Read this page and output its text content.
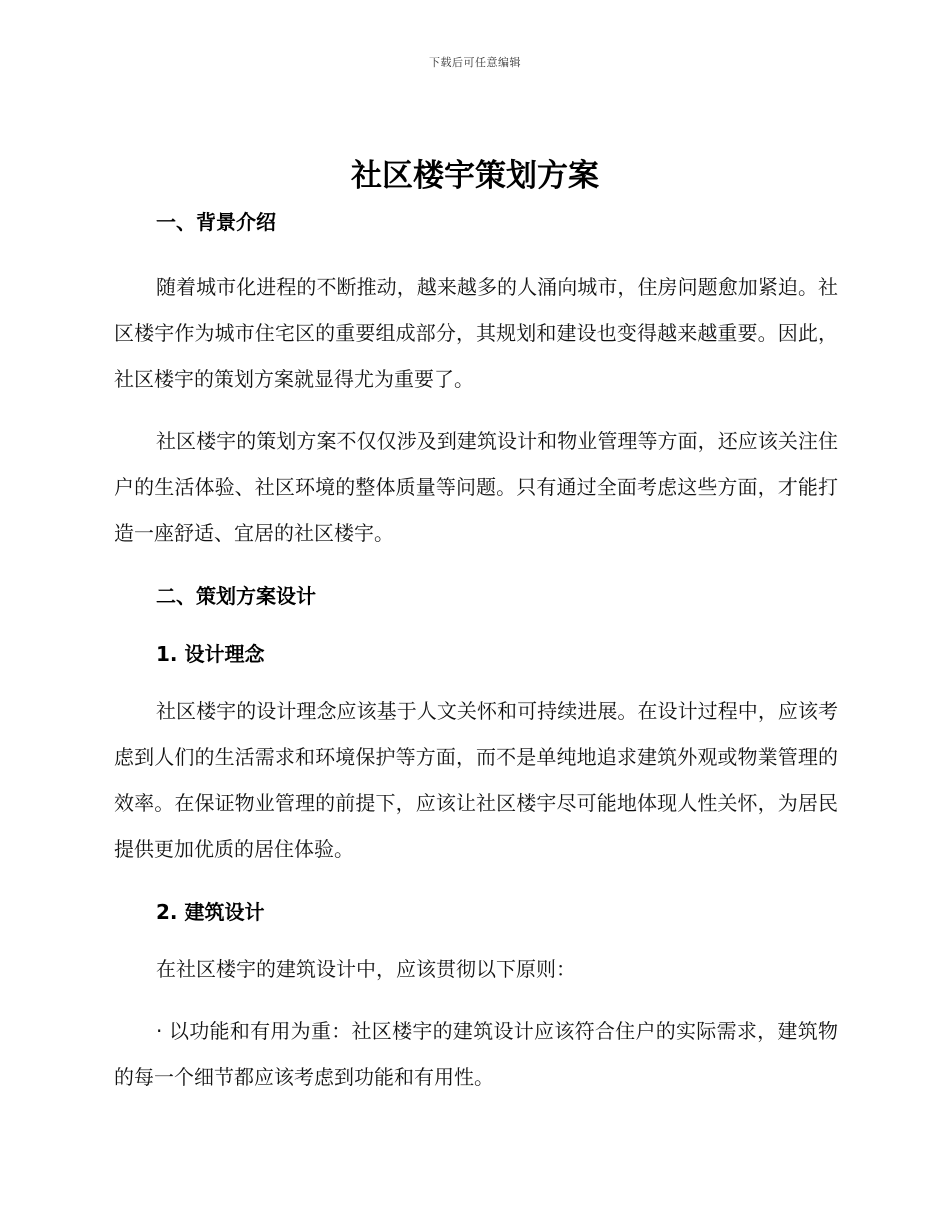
下载后可任意编辑
社区楼宇策划方案
一、背景介绍

随着城市化进程的不断推动，越来越多的人涌向城市，住房问题愈加紧迫。社区楼宇作为城市住宅区的重要组成部分，其规划和建设也变得越来越重要。因此，社区楼宇的策划方案就显得尤为重要了。

社区楼宇的策划方案不仅仅涉及到建筑设计和物业管理等方面，还应该关注住户的生活体验、社区环境的整体质量等问题。只有通过全面考虑这些方面，才能打造一座舒适、宜居的社区楼宇。

二、策划方案设计
1. 设计理念

社区楼宇的设计理念应该基于人文关怀和可持续进展。在设计过程中，应该考虑到人们的生活需求和环境保护等方面，而不是单纯地追求建筑外观或物業管理的效率。在保证物业管理的前提下，应该让社区楼宇尽可能地体现人性关怀，为居民提供更加优质的居住体验。

2. 建筑设计

在社区楼宇的建筑设计中，应该贯彻以下原则：

· 以功能和有用为重：社区楼宇的建筑设计应该符合住户的实际需求，建筑物的每一个细节都应该考虑到功能和有用性。
